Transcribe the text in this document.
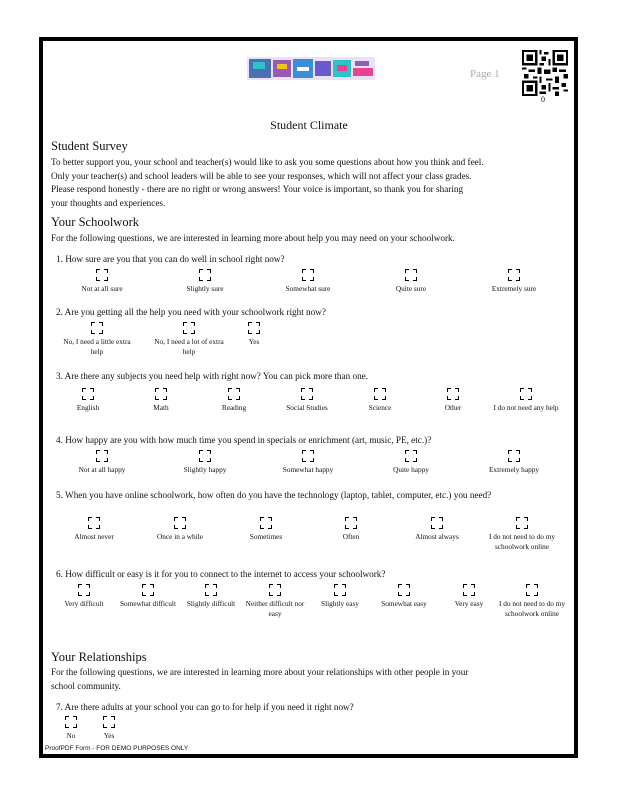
Page 1
0
Student Climate
Student Survey
To better support you, your school and teacher(s) would like to ask you some questions about how you think and feel.
Only your teacher(s) and school leaders will be able to see your responses, which will not affect your class grades.
Please respond honestly - there are no right or wrong answers! Your voice is important, so thank you for sharing
your thoughts and experiences.
Your Schoolwork
For the following questions, we are interested in learning more about help you may need on your schoolwork.
1. How sure are you that you can do well in school right now?
Not at all sure	Slightly sure	Somewhat sure	Quite sure	Extremely sure
2. Are you getting all the help you need with your schoolwork right now?
No, I need a little extra help
No, I need a lot of extra help
Yes
3. Are there any subjects you need help with right now? You can pick more than one.
English	Math	Reading	Social Studies	Science	Other	I do not need any help
4. How happy are you with how much time you spend in specials or enrichment (art, music, PE, etc.)?
Not at all happy	Slightly happy	Somewhat happy	Quite happy	Extremely happy
5. When you have online schoolwork, how often do you have the technology (laptop, tablet, computer, etc.) you need?
Almost never	Once in a while	Sometimes	Often	Almost always	I do not need to do my schoolwork online
6. How difficult or easy is it for you to connect to the internet to access your schoolwork?
Very difficult	Somewhat difficult	Slightly difficult	Neither difficult nor easy
Slightly easy	Somewhat easy	Very easy	I do not need to do my schoolwork online
Your Relationships
For the following questions, we are interested in learning more about your relationships with other people in your
school community.
7. Are there adults at your school you can go to for help if you need it right now?
No	Yes
ProofPDF Form - FOR DEMO PURPOSES ONLY
